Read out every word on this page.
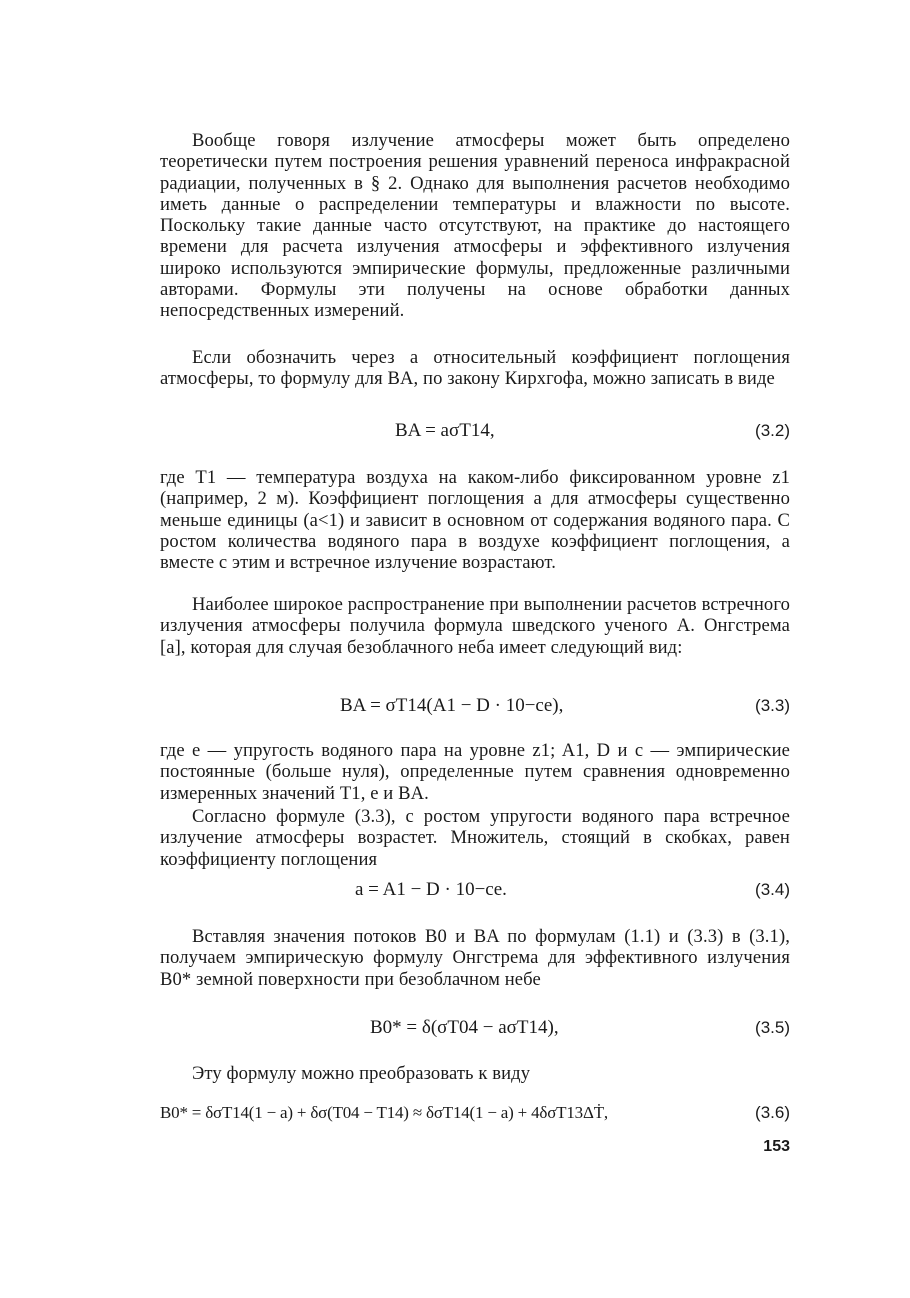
Вообще говоря излучение атмосферы может быть определено теоретически путем построения решения уравнений переноса инфракрасной радиации, полученных в § 2. Однако для выполнения расчетов необходимо иметь данные о распределении температуры и влажности по высоте. Поскольку такие данные часто отсутствуют, на практике до настоящего времени для расчета излучения атмосферы и эффективного излучения широко используются эмпирические формулы, предложенные различными авторами. Формулы эти получены на основе обработки данных непосредственных измерений.

Если обозначить через a относительный коэффициент поглощения атмосферы, то формулу для BA, по закону Кирхгофа, можно записать в виде

BA = aσT14,	(3.2)

где T1 — температура воздуха на каком-либо фиксированном уровне z1 (например, 2 м). Коэффициент поглощения a для атмосферы существенно меньше единицы (a<1) и зависит в основном от содержания водяного пара. С ростом количества водяного пара в воздухе коэффициент поглощения, а вместе с этим и встречное излучение возрастают.

Наиболее широкое распространение при выполнении расчетов встречного излучения атмосферы получила формула шведского ученого А. Онгстрема [a], которая для случая безоблачного неба имеет следующий вид:

BA = σT14(A1 − D · 10−ce),	(3.3)

где e — упругость водяного пара на уровне z1; A1, D и c — эмпирические постоянные (больше нуля), определенные путем сравнения одновременно измеренных значений T1, e и BA.

Согласно формуле (3.3), с ростом упругости водяного пара встречное излучение атмосферы возрастет. Множитель, стоящий в скобках, равен коэффициенту поглощения

a = A1 − D · 10−ce.	(3.4)

Вставляя значения потоков B0 и BA по формулам (1.1) и (3.3) в (3.1), получаем эмпирическую формулу Онгстрема для эффективного излучения B0* земной поверхности при безоблачном небе

B0* = δ(σT04 − aσT14),	(3.5)

Эту формулу можно преобразовать к виду

B0* = δσT14(1 − a) + δσ(T04 − T14) ≈ δσT14(1 − a) + 4δσT13ΔṪ,	(3.6)
153
